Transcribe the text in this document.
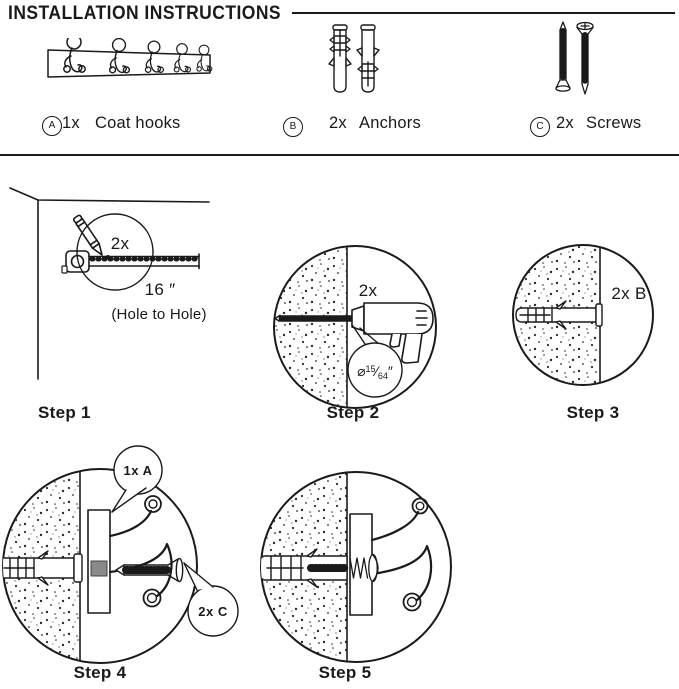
INSTALLATION INSTRUCTIONS
A 1x Coat hooks	B 2x Anchors	C 2x Screws
2x
16 ″
(Hole to Hole)
Step 1
2x
$⌀^{15}⁄_{64}''$
Step 2
2x B
Step 3
1x A
2x C
Step 4	Step 5
